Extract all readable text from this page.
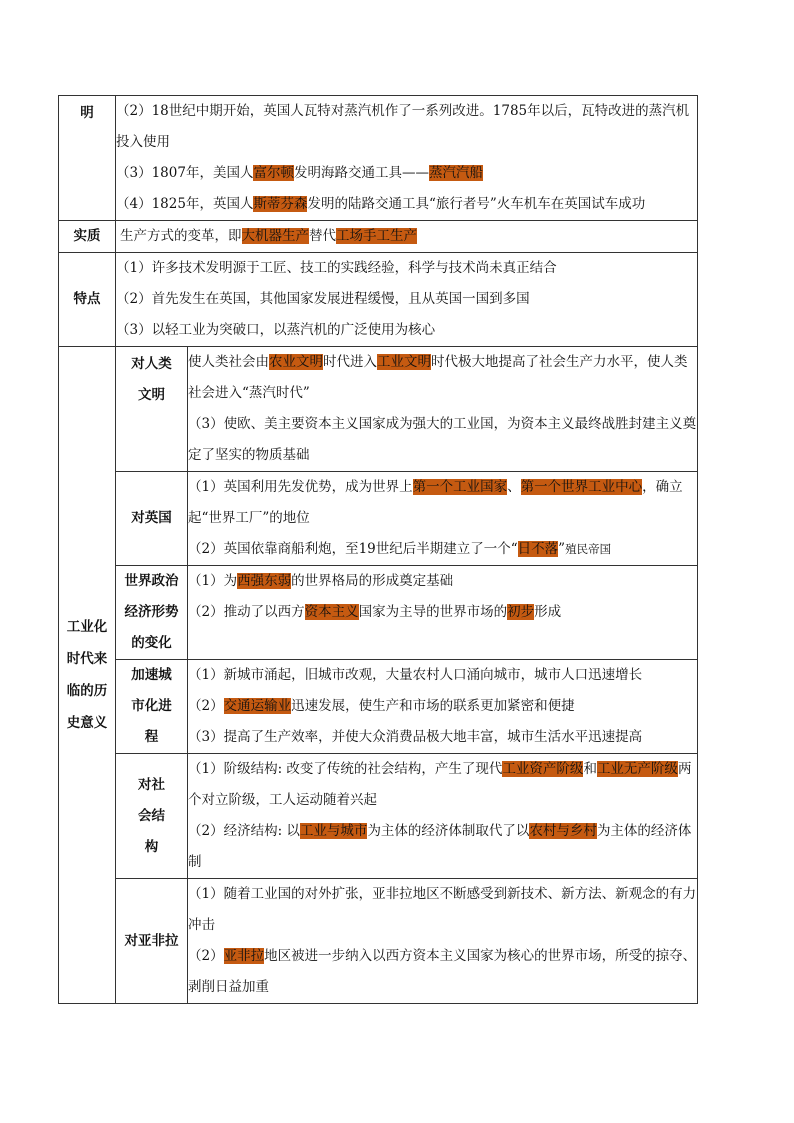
明	（2）18世纪中期开始，英国人瓦特对蒸汽机作了一系列改进。1785年以后，瓦特改进的蒸汽机投入使用

（3）1807年，美国人富尔顿发明海路交通工具——蒸汽汽船

（4）1825年，英国人斯蒂芬森发明的陆路交通工具“旅行者号”火车机车在英国试车成功	

实质	生产方式的变革，即大机器生产替代工场手工生产	

特点	（1）许多技术发明源于工匠、技工的实践经验，科学与技术尚未真正结合

（2）首先发生在英国，其他国家发展进程缓慢，且从英国一国到多国

（3）以轻工业为突破口，以蒸汽机的广泛使用为核心	

工业化时代来临的历史意义	对人类文明	使人类社会由农业文明时代进入工业文明时代极大地提高了社会生产力水平，使人类社会进入“蒸汽时代”

（3）使欧、美主要资本主义国家成为强大的工业国，为资本主义最终战胜封建主义奠定了坚实的物质基础

	对英国	（1）英国利用先发优势，成为世界上第一个工业国家、第一个世界工业中心，确立起“世界工厂”的地位

（2）英国依靠商船利炮，至19世纪后半期建立了一个“日不落”殖民帝国

	世界政治经济形势的变化	（1）为西强东弱的世界格局的形成奠定基础

（2）推动了以西方资本主义国家为主导的世界市场的初步形成

	加速城市化进程	（1）新城市涌起，旧城市改观，大量农村人口涌向城市，城市人口迅速增长

（2）交通运输业迅速发展，使生产和市场的联系更加紧密和便捷

（3）提高了生产效率，并使大众消费品极大地丰富，城市生活水平迅速提高

	对社会结构	（1）阶级结构: 改变了传统的社会结构，产生了现代工业资产阶级和工业无产阶级两个对立阶级，工人运动随着兴起

（2）经济结构: 以工业与城市为主体的经济体制取代了以农村与乡村为主体的经济体制

	对亚非拉	（1）随着工业国的对外扩张，亚非拉地区不断感受到新技术、新方法、新观念的有力冲击

（2）亚非拉地区被进一步纳入以西方资本主义国家为核心的世界市场，所受的掠夺、剥削日益加重
